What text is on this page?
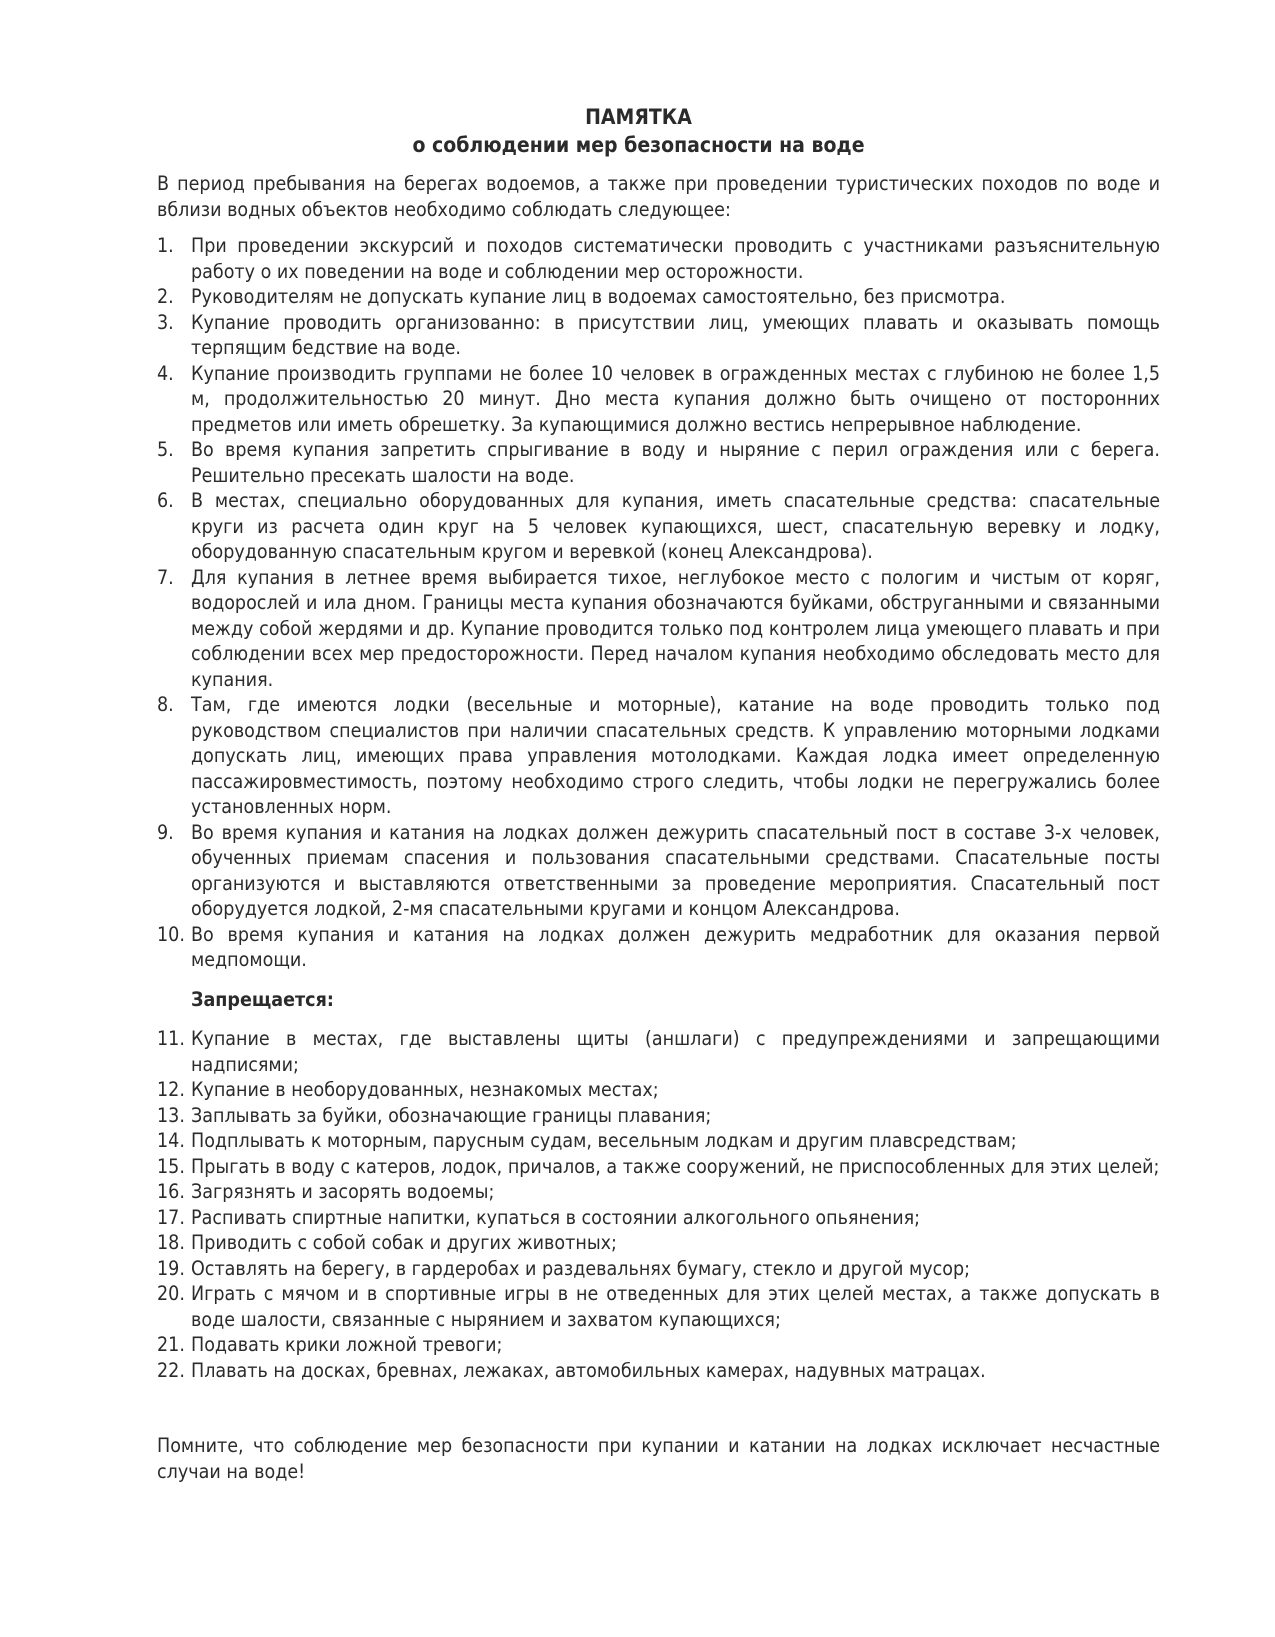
ПАМЯТКА
о соблюдении мер безопасности на воде

В период пребывания на берегах водоемов, а также при проведении туристических походов по воде и вблизи водных объектов необходимо соблюдать следующее:

1. При проведении экскурсий и походов систематически проводить с участниками разъяснительную работу о их поведении на воде и соблюдении мер осторожности.
2. Руководителям не допускать купание лиц в водоемах самостоятельно, без присмотра.
3. Купание проводить организованно: в присутствии лиц, умеющих плавать и оказывать помощь терпящим бедствие на воде.
4. Купание производить группами не более 10 человек в огражденных местах с глубиною не более 1,5 м, продолжительностью 20 минут. Дно места купания должно быть очищено от посторонних предметов или иметь обрешетку. За купающимися должно вестись непрерывное наблюдение.
5. Во время купания запретить спрыгивание в воду и ныряние с перил ограждения или с берега. Решительно пресекать шалости на воде.
6. В местах, специально оборудованных для купания, иметь спасательные средства: спасательные круги из расчета один круг на 5 человек купающихся, шест, спасательную веревку и лодку, оборудованную спасательным кругом и веревкой (конец Александрова).
7. Для купания в летнее время выбирается тихое, неглубокое место с пологим и чистым от коряг, водорослей и ила дном. Границы места купания обозначаются буйками, обструганными и связанными между собой жердями и др. Купание проводится только под контролем лица умеющего плавать и при соблюдении всех мер предосторожности. Перед началом купания необходимо обследовать место для купания.
8. Там, где имеются лодки (весельные и моторные), катание на воде проводить только под руководством специалистов при наличии спасательных средств. К управлению моторными лодками допускать лиц, имеющих права управления мотолодками. Каждая лодка имеет определенную пассажировместимость, поэтому необходимо строго следить, чтобы лодки не перегружались более установленных норм.
9. Во время купания и катания на лодках должен дежурить спасательный пост в составе 3-х человек, обученных приемам спасения и пользования спасательными средствами. Спасательные посты организуются и выставляются ответственными за проведение мероприятия. Спасательный пост оборудуется лодкой, 2-мя спасательными кругами и концом Александрова.
10. Во время купания и катания на лодках должен дежурить медработник для оказания первой медпомощи.
Запрещается:
11. Купание в местах, где выставлены щиты (аншлаги) с предупреждениями и запрещающими надписями;
12. Купание в необорудованных, незнакомых местах;
13. Заплывать за буйки, обозначающие границы плавания;
14. Подплывать к моторным, парусным судам, весельным лодкам и другим плавсредствам;
15. Прыгать в воду с катеров, лодок, причалов, а также сооружений, не приспособленных для этих целей;
16. Загрязнять и засорять водоемы;
17. Распивать спиртные напитки, купаться в состоянии алкогольного опьянения;
18. Приводить с собой собак и других животных;
19. Оставлять на берегу, в гардеробах и раздевальнях бумагу, стекло и другой мусор;
20. Играть с мячом и в спортивные игры в не отведенных для этих целей местах, а также допускать в воде шалости, связанные с нырянием и захватом купающихся;
21. Подавать крики ложной тревоги;
22. Плавать на досках, бревнах, лежаках, автомобильных камерах, надувных матрацах.

Помните, что соблюдение мер безопасности при купании и катании на лодках исключает несчастные случаи на воде!
